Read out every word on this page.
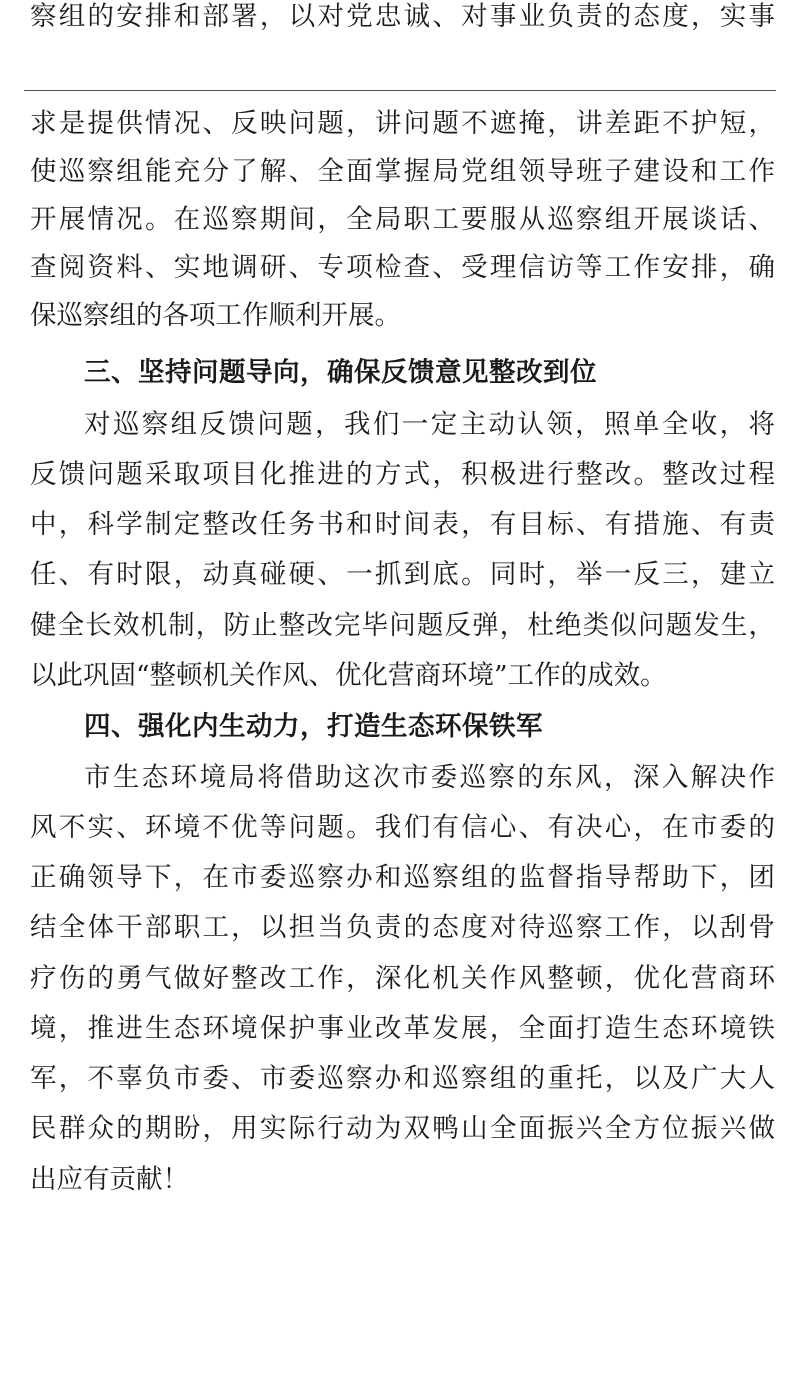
察组的安排和部署，以对党忠诚、对事业负责的态度，实事
求是提供情况、反映问题，讲问题不遮掩，讲差距不护短，
使巡察组能充分了解、全面掌握局党组领导班子建设和工作
开展情况。在巡察期间，全局职工要服从巡察组开展谈话、
查阅资料、实地调研、专项检查、受理信访等工作安排，确
保巡察组的各项工作顺利开展。
三、坚持问题导向，确保反馈意见整改到位
对巡察组反馈问题，我们一定主动认领，照单全收，将
反馈问题采取项目化推进的方式，积极进行整改。整改过程
中，科学制定整改任务书和时间表，有目标、有措施、有责
任、有时限，动真碰硬、一抓到底。同时，举一反三，建立
健全长效机制，防止整改完毕问题反弹，杜绝类似问题发生，
以此巩固“整顿机关作风、优化营商环境”工作的成效。
四、强化内生动力，打造生态环保铁军
市生态环境局将借助这次市委巡察的东风，深入解决作
风不实、环境不优等问题。我们有信心、有决心，在市委的
正确领导下，在市委巡察办和巡察组的监督指导帮助下，团
结全体干部职工，以担当负责的态度对待巡察工作，以刮骨
疗伤的勇气做好整改工作，深化机关作风整顿，优化营商环
境，推进生态环境保护事业改革发展，全面打造生态环境铁
军，不辜负市委、市委巡察办和巡察组的重托，以及广大人
民群众的期盼，用实际行动为双鸭山全面振兴全方位振兴做
出应有贡献！
